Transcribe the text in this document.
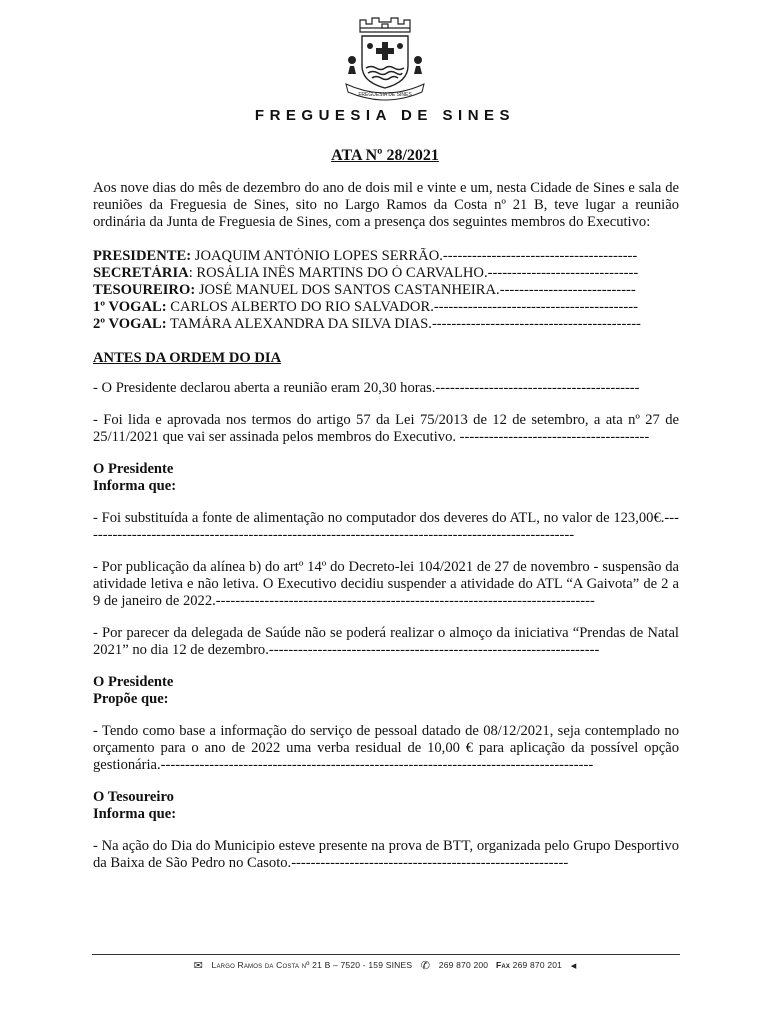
FREGUESIA DE SINES
FREGUESIA DE SINES
ATA Nº 28/2021

Aos nove dias do mês de dezembro do ano de dois mil e vinte e um, nesta Cidade de Sines e sala de reuniões da Freguesia de Sines, sito no Largo Ramos da Costa nº 21 B, teve lugar a reunião ordinária da Junta de Freguesia de Sines, com a presença dos seguintes membros do Executivo:

PRESIDENTE: JOAQUIM ANTÓNIO LOPES SERRÃO.----------------------------------------
SECRETÁRIA: ROSÁLIA INÊS MARTINS DO Ó CARVALHO.-------------------------------
TESOUREIRO: JOSÉ MANUEL DOS SANTOS CASTANHEIRA.----------------------------
1º VOGAL: CARLOS ALBERTO DO RIO SALVADOR.------------------------------------------
2º VOGAL: TAMÁRA ALEXANDRA DA SILVA DIAS.-------------------------------------------

ANTES DA ORDEM DO DIA

- O Presidente declarou aberta a reunião eram 20,30 horas.------------------------------------------

- Foi lida e aprovada nos termos do artigo 57 da Lei 75/2013 de 12 de setembro, a ata nº 27 de 25/11/2021 que vai ser assinada pelos membros do Executivo. ---------------------------------------

O Presidente

Informa que:

- Foi substituída a fonte de alimentação no computador dos deveres do ATL, no valor de 123,00€.------------------------------------------------------------------------------------------------------

- Por publicação da alínea b) do artº 14º do Decreto-lei 104/2021 de 27 de novembro - suspensão da atividade letiva e não letiva. O Executivo decidiu suspender a atividade do ATL “A Gaivota” de 2 a 9 de janeiro de 2022.------------------------------------------------------------------------------

- Por parecer da delegada de Saúde não se poderá realizar o almoço da iniciativa “Prendas de Natal 2021” no dia 12 de dezembro.--------------------------------------------------------------------

O Presidente

Propõe que:

- Tendo como base a informação do serviço de pessoal datado de 08/12/2021, seja contemplado no orçamento para o ano de 2022 uma verba residual de 10,00 € para aplicação da possível opção gestionária.-----------------------------------------------------------------------------------------

O Tesoureiro

Informa que:

- Na ação do Dia do Municipio esteve presente na prova de BTT, organizada pelo Grupo Desportivo da Baixa de São Pedro no Casoto.---------------------------------------------------------

✉ Largo Ramos da Costa nº 21 B – 7520 - 159 SINES ✆ 269 870 200 Fax 269 870 201 ◂
